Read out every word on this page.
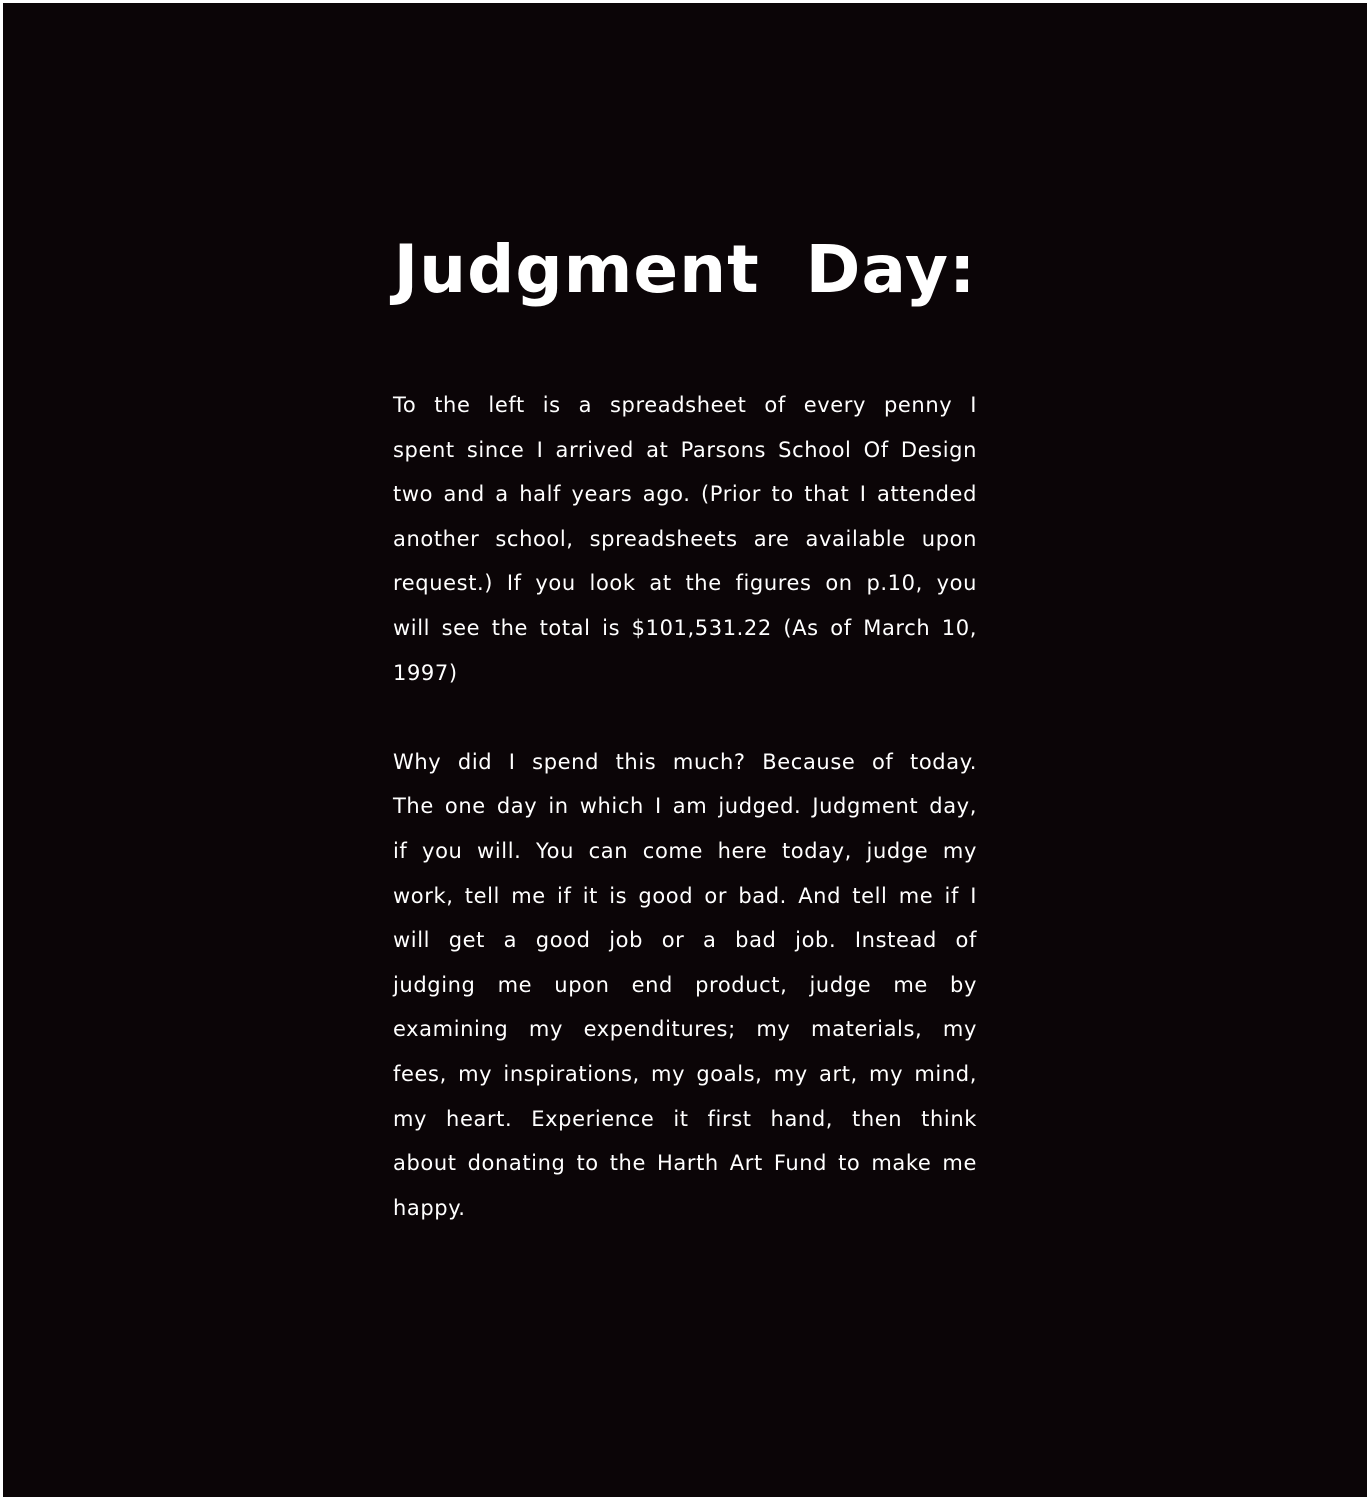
Judgment Day:

To the left is a spreadsheet of every penny I spent since I arrived at Parsons School Of Design two and a half years ago. (Prior to that I attended another school, spreadsheets are available upon request.) If you look at the figures on p.10, you will see the total is $101,531.22 (As of March 10, 1997)

Why did I spend this much? Because of today. The one day in which I am judged. Judgment day, if you will. You can come here today, judge my work, tell me if it is good or bad. And tell me if I will get a good job or a bad job. Instead of judging me upon end product, judge me by examining my expenditures; my materials, my fees, my inspirations, my goals, my art, my mind, my heart. Experience it first hand, then think about donating to the Harth Art Fund to make me happy.
